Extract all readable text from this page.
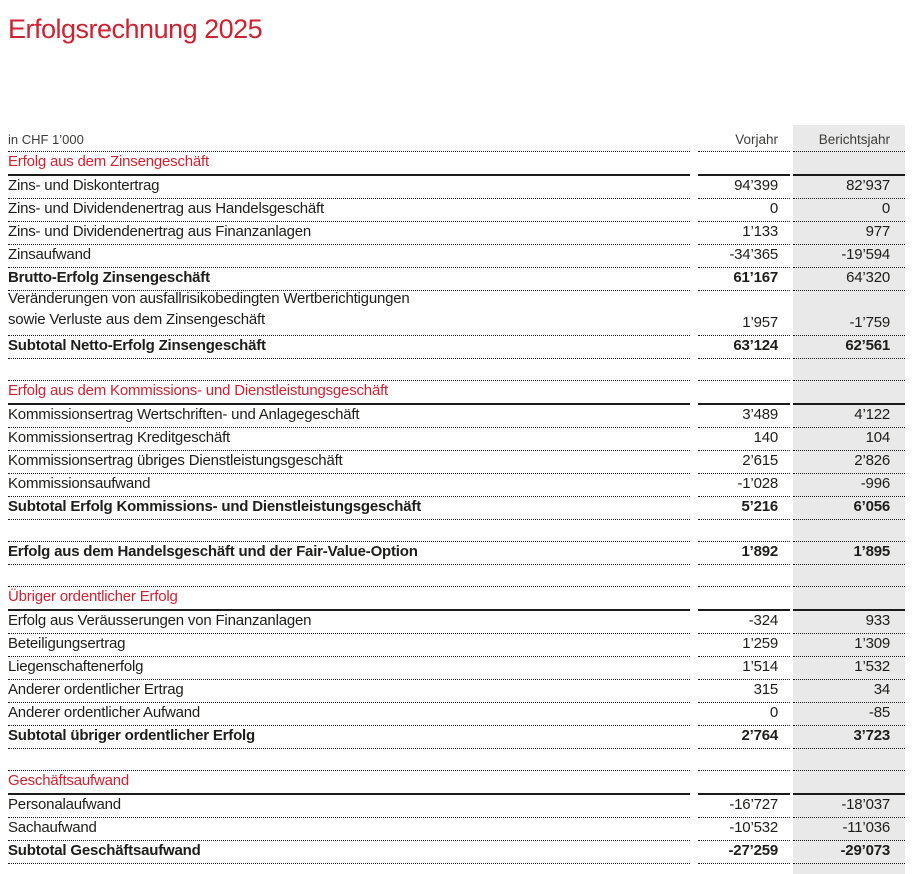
Erfolgsrechnung 2025
in CHF 1’000	Vorjahr	Berichtsjahr
Erfolg aus dem Zinsengeschäft
Zins- und Diskontertrag	94’399	82’937
Zins- und Dividendenertrag aus Handelsgeschäft	0	0
Zins- und Dividendenertrag aus Finanzanlagen	1’133	977
Zinsaufwand	-34’365	-19’594
Brutto-Erfolg Zinsengeschäft	61’167	64’320
Veränderungen von ausfallrisikobedingten Wertberichtigungen
sowie Verluste aus dem Zinsengeschäft	1’957	-1’759
Subtotal Netto-Erfolg Zinsengeschäft	63’124	62’561
Erfolg aus dem Kommissions- und Dienstleistungsgeschäft
Kommissionsertrag Wertschriften- und Anlagegeschäft	3’489	4’122
Kommissionsertrag Kreditgeschäft	140	104
Kommissionsertrag übriges Dienstleistungsgeschäft	2’615	2’826
Kommissionsaufwand	-1’028	-996
Subtotal Erfolg Kommissions- und Dienstleistungsgeschäft	5’216	6’056
Erfolg aus dem Handelsgeschäft und der Fair-Value-Option	1’892	1’895
Übriger ordentlicher Erfolg
Erfolg aus Veräusserungen von Finanzanlagen	-324	933
Beteiligungsertrag	1’259	1’309
Liegenschaftenerfolg	1’514	1’532
Anderer ordentlicher Ertrag	315	34
Anderer ordentlicher Aufwand	0	-85
Subtotal übriger ordentlicher Erfolg	2’764	3’723
Geschäftsaufwand
Personalaufwand	-16’727	-18’037
Sachaufwand	-10’532	-11’036
Subtotal Geschäftsaufwand	-27’259	-29’073
